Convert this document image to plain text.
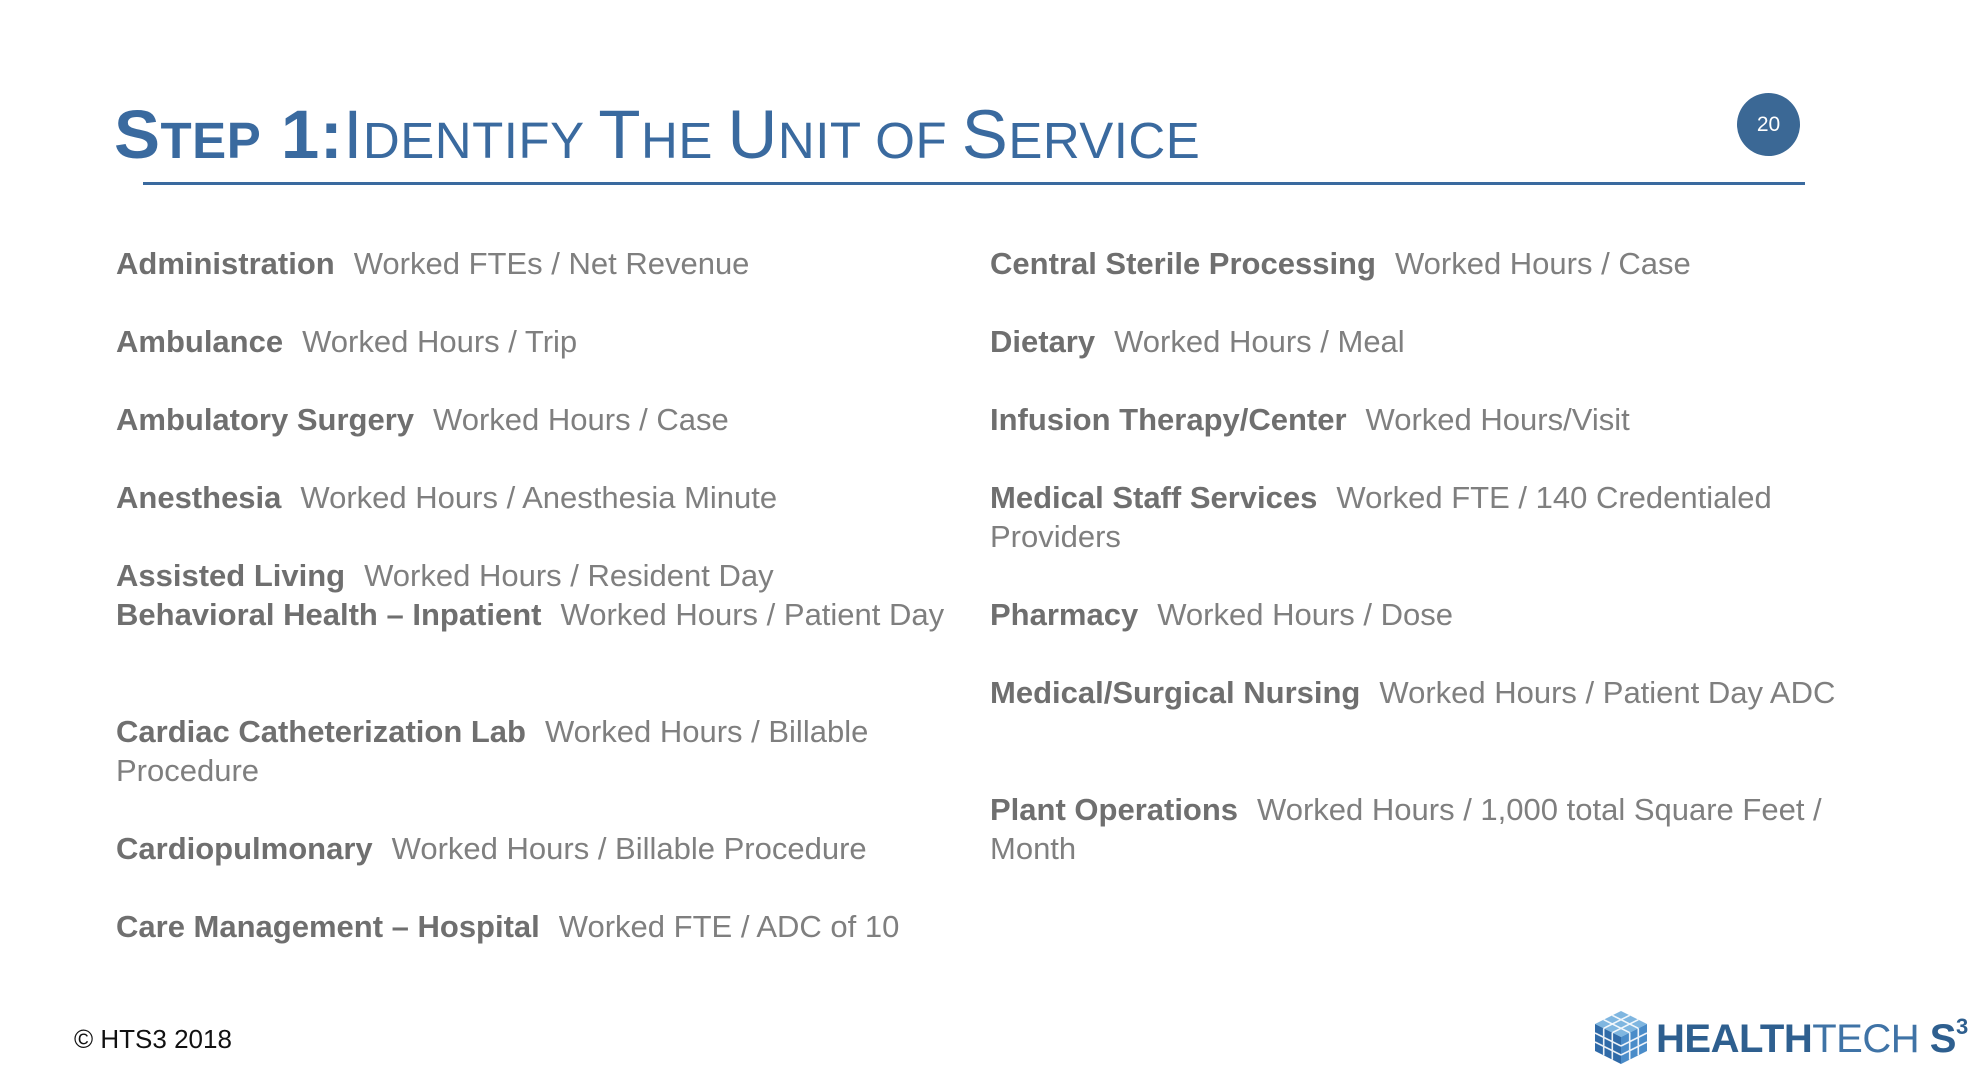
STEP 1:IDENTIFY THE UNIT OF SERVICE	20

Administration Worked FTEs / Net Revenue

Ambulance Worked Hours / Trip

Ambulatory Surgery Worked Hours / Case

Anesthesia Worked Hours / Anesthesia Minute

Assisted Living Worked Hours / Resident Day

Behavioral Health – Inpatient Worked Hours / Patient Day

Cardiac Catheterization Lab Worked Hours / Billable Procedure

Cardiopulmonary Worked Hours / Billable Procedure

Care Management – Hospital Worked FTE / ADC of 10

Central Sterile Processing Worked Hours / Case

Dietary Worked Hours / Meal

Infusion Therapy/Center Worked Hours/Visit

Medical Staff Services Worked FTE / 140 Credentialed Providers

Pharmacy Worked Hours / Dose

Medical/Surgical Nursing Worked Hours / Patient Day ADC

Plant Operations Worked Hours / 1,000 total Square Feet / Month

© HTS3 2018	HEALTHTECH $S^3$
